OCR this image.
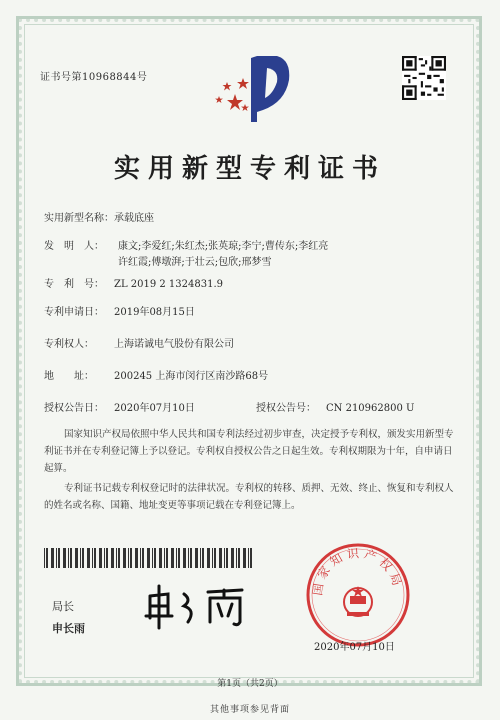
证书号第10968844号
实用新型专利证书
实用新型名称：承载底座
发　明　人：	康文;李爱红;朱红杰;张英琼;李宁;曹传东;李红亮
许红霞;傅墩湃;于壮云;包欣;邢梦雪
专　利　号： ZL 2019 2 1324831.9
专利申请日： 2019年08月15日
专利权人： 上海诺诚电气股份有限公司
地　　址： 200245 上海市闵行区南沙路68号
授权公告日： 2020年07月10日	授权公告号： CN 210962800 U
国家知识产权局依照中华人民共和国专利法经过初步审查，决定授予专利权，颁发实用新型专利证书并在专利登记簿上予以登记。专利权自授权公告之日起生效。专利权期限为十年，自申请日起算。
专利证书记载专利权登记时的法律状况。专利权的转移、质押、无效、终止、恢复和专利权人的姓名或名称、国籍、地址变更等事项记载在专利登记簿上。
局长
申长雨
国家知识产权局
2020年07月10日
第1页（共2页）
其他事项参见背面
